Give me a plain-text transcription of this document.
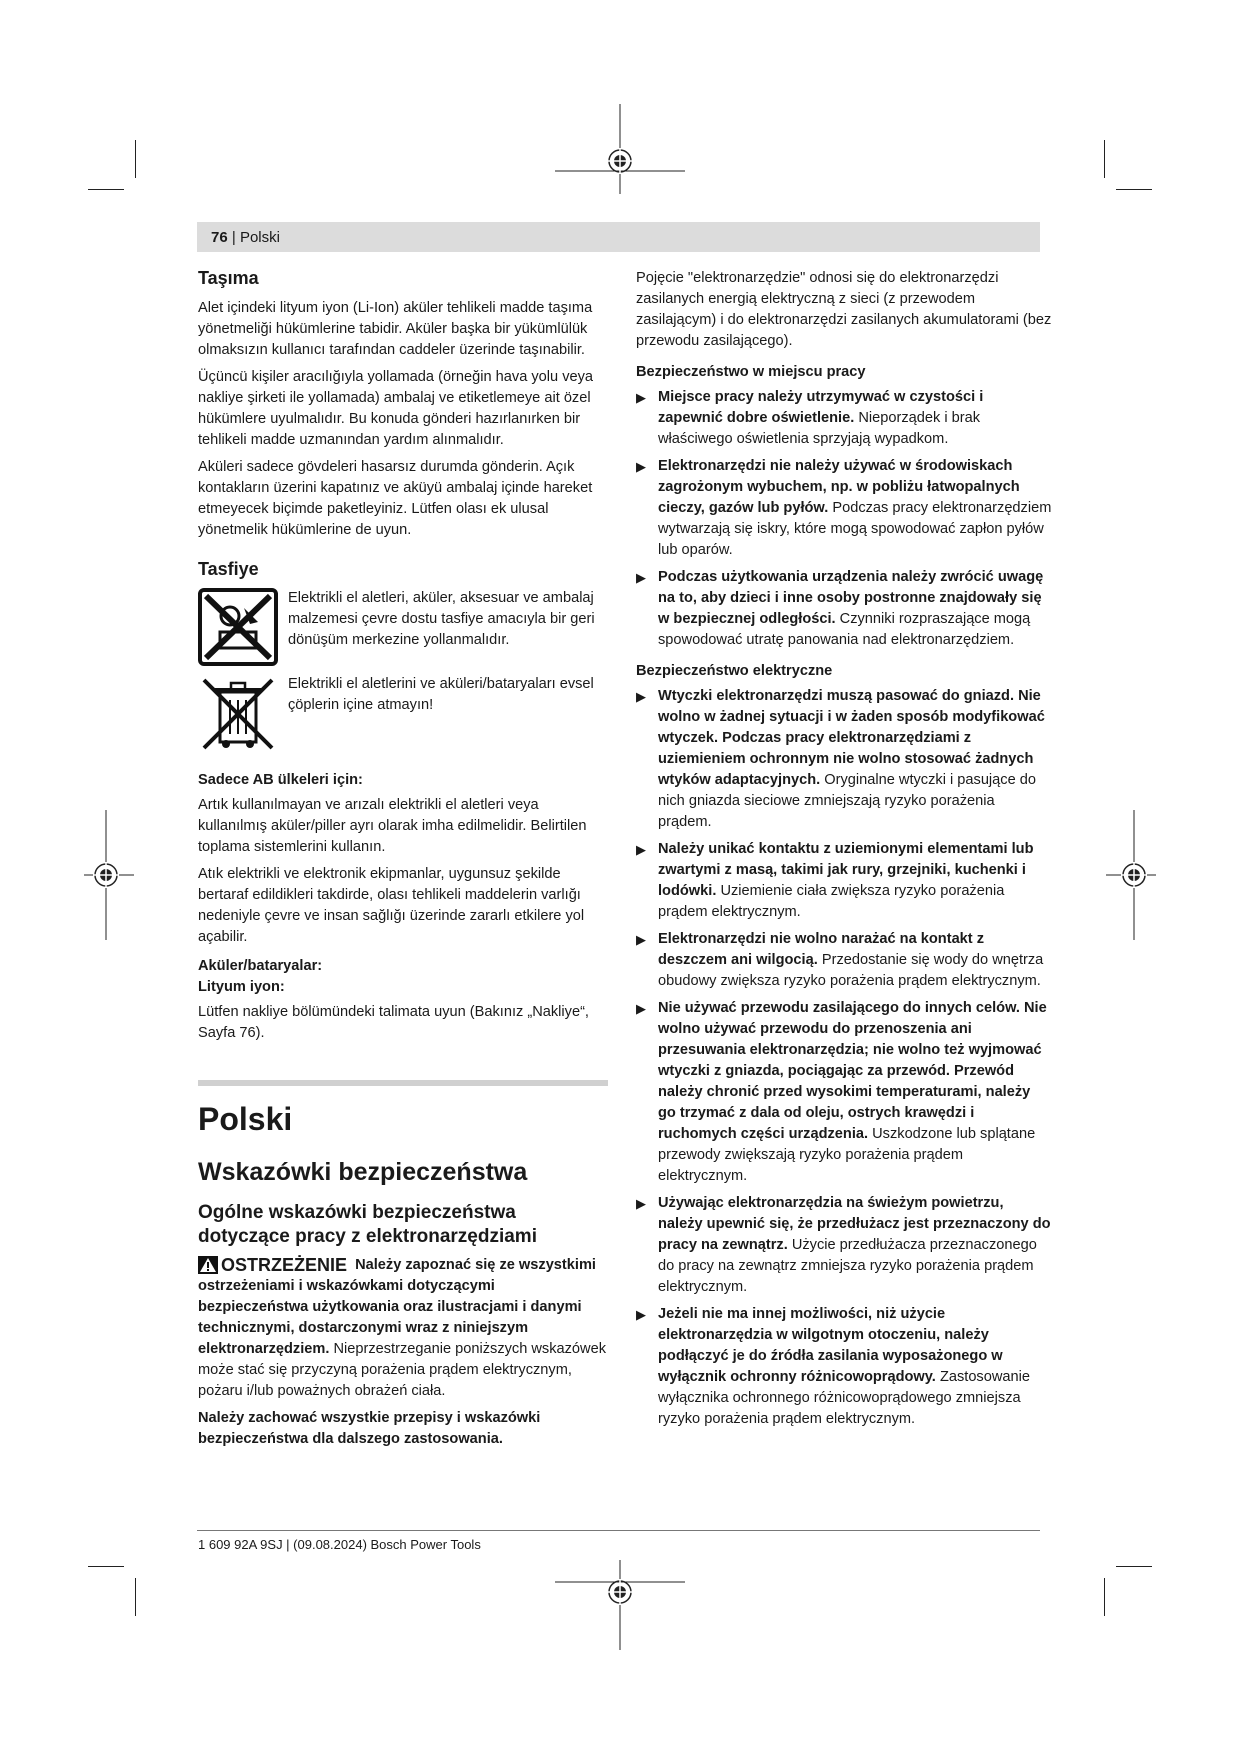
76 | Polski
Taşıma

Alet içindeki lityum iyon (Li-Ion) aküler tehlikeli madde taşıma yönetmeliği hükümlerine tabidir. Aküler başka bir yükümlülük olmaksızın kullanıcı tarafından caddeler üzerinde taşınabilir.

Üçüncü kişiler aracılığıyla yollamada (örneğin hava yolu veya nakliye şirketi ile yollamada) ambalaj ve etiketlemeye ait özel hükümlere uyulmalıdır. Bu konuda gönderi hazırlanırken bir tehlikeli madde uzmanından yardım alınmalıdır.

Aküleri sadece gövdeleri hasarsız durumda gönderin. Açık kontakların üzerini kapatınız ve aküyü ambalaj içinde hareket etmeyecek biçimde paketleyiniz. Lütfen olası ek ulusal yönetmelik hükümlerine de uyun.

Tasfiye

Elektrikli el aletleri, aküler, aksesuar ve ambalaj malzemesi çevre dostu tasfiye amacıyla bir geri dönüşüm merkezine yollanmalıdır.

Elektrikli el aletlerini ve aküleri/bataryaları evsel çöplerin içine atmayın!

Sadece AB ülkeleri için:

Artık kullanılmayan ve arızalı elektrikli el aletleri veya kullanılmış aküler/piller ayrı olarak imha edilmelidir. Belirtilen toplama sistemlerini kullanın.

Atık elektrikli ve elektronik ekipmanlar, uygunsuz şekilde bertaraf edildikleri takdirde, olası tehlikeli maddelerin varlığı nedeniyle çevre ve insan sağlığı üzerinde zararlı etkilere yol açabilir.

Aküler/bataryalar:
Lityum iyon:

Lütfen nakliye bölümündeki talimata uyun (Bakınız „Nakliye“, Sayfa 76).

Polski
Wskazówki bezpieczeństwa
Ogólne wskazówki bezpieczeństwa dotyczące pracy z elektronarzędziami

OSTRZEŻENIE Należy zapoznać się ze wszystkimi ostrzeżeniami i wskazówkami dotyczącymi bezpieczeństwa użytkowania oraz ilustracjami i danymi technicznymi, dostarczonymi wraz z niniejszym elektronarzędziem. Nieprzestrzeganie poniższych wskazówek może stać się przyczyną porażenia prądem elektrycznym, pożaru i/lub poważnych obrażeń ciała.

Należy zachować wszystkie przepisy i wskazówki bezpieczeństwa dla dalszego zastosowania.

Pojęcie "elektronarzędzie" odnosi się do elektronarzędzi zasilanych energią elektryczną z sieci (z przewodem zasilającym) i do elektronarzędzi zasilanych akumulatorami (bez przewodu zasilającego).

Bezpieczeństwo w miejscu pracy
▶ Miejsce pracy należy utrzymywać w czystości i zapewnić dobre oświetlenie. Nieporządek i brak właściwego oświetlenia sprzyjają wypadkom.

▶ Elektronarzędzi nie należy używać w środowiskach zagrożonym wybuchem, np. w pobliżu łatwopalnych cieczy, gazów lub pyłów. Podczas pracy elektronarzędziem wytwarzają się iskry, które mogą spowodować zapłon pyłów lub oparów.

▶ Podczas użytkowania urządzenia należy zwrócić uwagę na to, aby dzieci i inne osoby postronne znajdowały się w bezpiecznej odległości. Czynniki rozpraszające mogą spowodować utratę panowania nad elektronarzędziem.

Bezpieczeństwo elektryczne
▶ Wtyczki elektronarzędzi muszą pasować do gniazd. Nie wolno w żadnej sytuacji i w żaden sposób modyfikować wtyczek. Podczas pracy elektronarzędziami z uziemieniem ochronnym nie wolno stosować żadnych wtyków adaptacyjnych. Oryginalne wtyczki i pasujące do nich gniazda sieciowe zmniejszają ryzyko porażenia prądem.

▶ Należy unikać kontaktu z uziemionymi elementami lub zwartymi z masą, takimi jak rury, grzejniki, kuchenki i lodówki. Uziemienie ciała zwiększa ryzyko porażenia prądem elektrycznym.

▶ Elektronarzędzi nie wolno narażać na kontakt z deszczem ani wilgocią. Przedostanie się wody do wnętrza obudowy zwiększa ryzyko porażenia prądem elektrycznym.

▶ Nie używać przewodu zasilającego do innych celów. Nie wolno używać przewodu do przenoszenia ani przesuwania elektronarzędzia; nie wolno też wyjmować wtyczki z gniazda, pociągając za przewód. Przewód należy chronić przed wysokimi temperaturami, należy go trzymać z dala od oleju, ostrych krawędzi i ruchomych części urządzenia. Uszkodzone lub splątane przewody zwiększają ryzyko porażenia prądem elektrycznym.

▶ Używając elektronarzędzia na świeżym powietrzu, należy upewnić się, że przedłużacz jest przeznaczony do pracy na zewnątrz. Użycie przedłużacza przeznaczonego do pracy na zewnątrz zmniejsza ryzyko porażenia prądem elektrycznym.

▶ Jeżeli nie ma innej możliwości, niż użycie elektronarzędzia w wilgotnym otoczeniu, należy podłączyć je do źródła zasilania wyposażonego w wyłącznik ochronny różnicowoprądowy. Zastosowanie wyłącznika ochronnego różnicowoprądowego zmniejsza ryzyko porażenia prądem elektrycznym.

1 609 92A 9SJ | (09.08.2024) Bosch Power Tools
